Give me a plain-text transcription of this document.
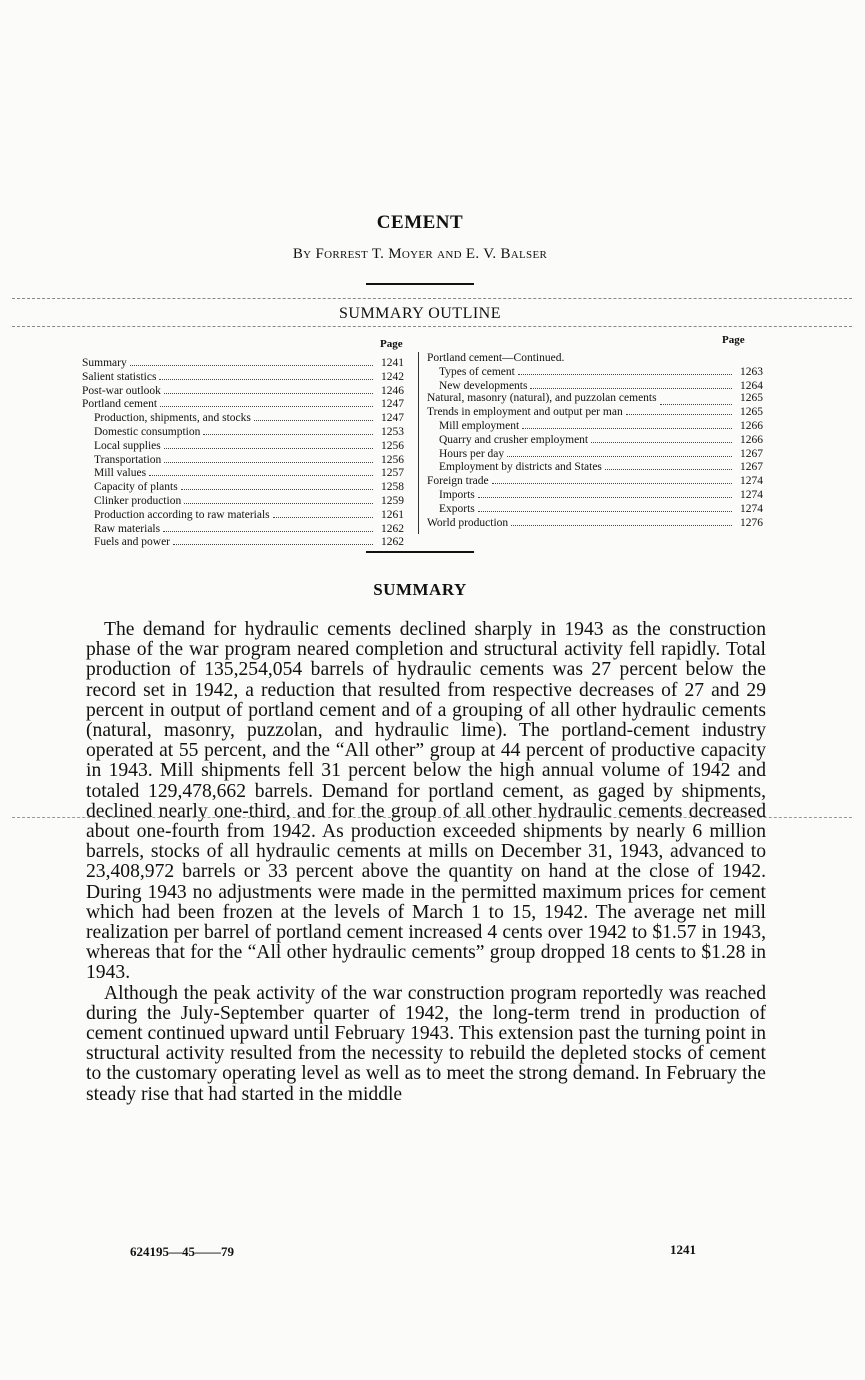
CEMENT
By Forrest T. Moyer and E. V. Balser
SUMMARY OUTLINE
Page	Page
Summary	1241
Salient statistics	1242
Post-war outlook	1246
Portland cement	1247
Production, shipments, and stocks	1247
Domestic consumption	1253
Local supplies	1256
Transportation	1256
Mill values	1257
Capacity of plants	1258
Clinker production	1259
Production according to raw materials	1261
Raw materials	1262
Fuels and power	1262
Portland cement—Continued.
Types of cement	1263
New developments	1264
Natural, masonry (natural), and puzzolan cements	1265
Trends in employment and output per man	1265
Mill employment	1266
Quarry and crusher employment	1266
Hours per day	1267
Employment by districts and States	1267
Foreign trade	1274
Imports	1274
Exports	1274
World production	1276
SUMMARY

The demand for hydraulic cements declined sharply in 1943 as the construction phase of the war program neared completion and structural activity fell rapidly. Total production of 135,254,054 barrels of hydraulic cements was 27 percent below the record set in 1942, a reduction that resulted from respective decreases of 27 and 29 percent in output of portland cement and of a grouping of all other hydraulic cements (natural, masonry, puzzolan, and hydraulic lime). The portland-cement industry operated at 55 percent, and the “All other” group at 44 percent of productive capacity in 1943. Mill shipments fell 31 percent below the high annual volume of 1942 and totaled 129,478,662 barrels. Demand for portland cement, as gaged by shipments, declined nearly one-third, and for the group of all other hydraulic cements decreased about one-fourth from 1942. As production exceeded shipments by nearly 6 million barrels, stocks of all hydraulic cements at mills on December 31, 1943, advanced to 23,408,972 barrels or 33 percent above the quantity on hand at the close of 1942. During 1943 no adjustments were made in the permitted maximum prices for cement which had been frozen at the levels of March 1 to 15, 1942. The average net mill realization per barrel of portland cement increased 4 cents over 1942 to $1.57 in 1943, whereas that for the “All other hydraulic cements” group dropped 18 cents to $1.28 in 1943.

Although the peak activity of the war construction program reportedly was reached during the July-September quarter of 1942, the long-term trend in production of cement continued upward until February 1943. This extension past the turning point in structural activity resulted from the necessity to rebuild the depleted stocks of cement to the customary operating level as well as to meet the strong demand. In February the steady rise that had started in the middle

624195—45——79	1241
